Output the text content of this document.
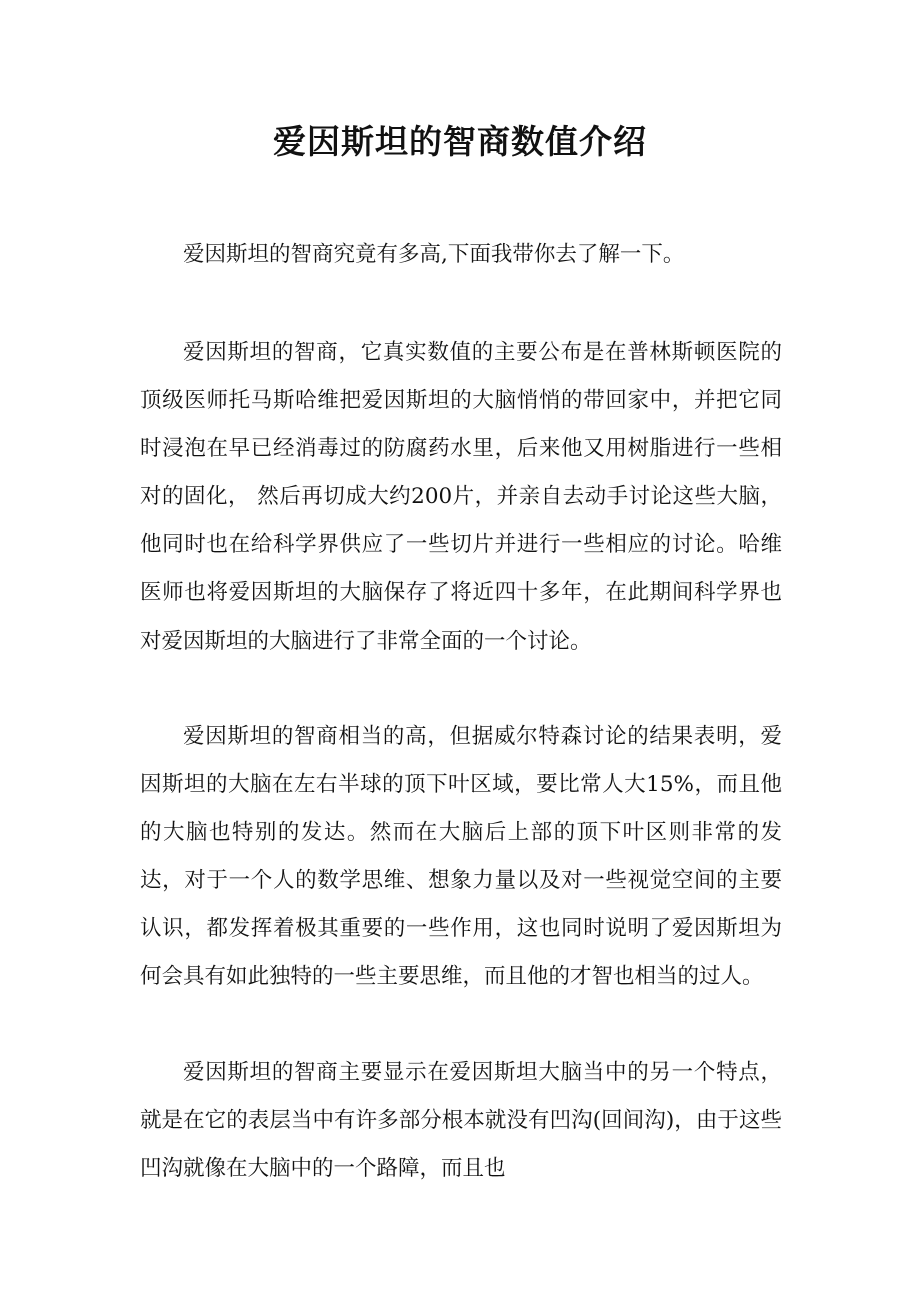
爱因斯坦的智商数值介绍

爱因斯坦的智商究竟有多高,下面我带你去了解一下。

爱因斯坦的智商，它真实数值的主要公布是在普林斯顿医院的顶级医师托马斯哈维把爱因斯坦的大脑悄悄的带回家中，并把它同时浸泡在早已经消毒过的防腐药水里，后来他又用树脂进行一些相对的固化， 然后再切成大约200片，并亲自去动手讨论这些大脑，他同时也在给科学界供应了一些切片并进行一些相应的讨论。哈维医师也将爱因斯坦的大脑保存了将近四十多年，在此期间科学界也对爱因斯坦的大脑进行了非常全面的一个讨论。

爱因斯坦的智商相当的高，但据威尔特森讨论的结果表明，爱因斯坦的大脑在左右半球的顶下叶区域，要比常人大15%，而且他的大脑也特别的发达。然而在大脑后上部的顶下叶区则非常的发达，对于一个人的数学思维、想象力量以及对一些视觉空间的主要认识，都发挥着极其重要的一些作用，这也同时说明了爱因斯坦为何会具有如此独特的一些主要思维，而且他的才智也相当的过人。

爱因斯坦的智商主要显示在爱因斯坦大脑当中的另一个特点，就是在它的表层当中有许多部分根本就没有凹沟(回间沟)，由于这些凹沟就像在大脑中的一个路障，而且也
